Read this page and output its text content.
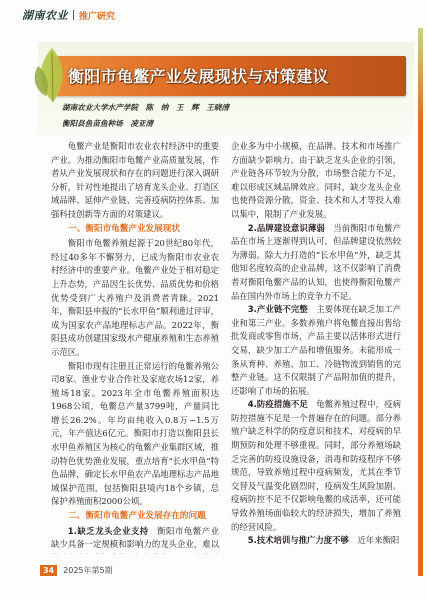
湖南农业 推广研究
衡阳市龟鳖产业发展现状与对策建议
湖南农业大学水产学院 陈　纳　王　辉　王晓清
衡阳县鱼苗鱼种场 凌亚清

龟鳖产业是衡阳市农业农村经济中的重要产业。为推动衡阳市龟鳖产业高质量发展，作者从产业发展现状和存在的问题进行深入调研分析，针对性地提出了培育龙头企业、打造区域品牌、延伸产业链、完善疫病防控体系、加强科技创新等方面的对策建议。

一、衡阳市龟鳖产业发展现状

衡阳市龟鳖养殖起源于20世纪80年代，经过40多年不懈努力，已成为衡阳市农业农村经济中的重要产业。龟鳖产业处于相对稳定上升态势，产品因生长优势、品质优势和价格优势受到广大养殖户及消费者青睐。2021年，衡阳县申报的“长水甲鱼”顺利通过评审，成为国家农产品地理标志产品。2022年，衡阳县成功创建国家级水产健康养殖和生态养殖示范区。

衡阳市现有注册且正常运行的龟鳖养殖公司8家、渔业专业合作社及家庭农场12家，养殖场18家。2023年全市龟鳖养殖面积达1968公顷，龟鳖总产量3799吨，产量同比增长26.2%。年均亩纯收入0.8万~1.5万元，年产值达6亿元。衡阳市打造以衡阳县长水甲鱼养殖区为核心的龟鳖产业集群区域，推动特色优势渔业发展，重点培育“长水甲鱼”特色品牌，确定长水甲鱼农产品地理标志产品地域保护范围，包括衡阳县境内18个乡镇，总保护养殖面积2000公顷。

二、衡阳市龟鳖产业发展存在的问题

1.缺乏龙头企业支持 衡阳市龟鳖产业缺少具备一定规模和影响力的龙头企业，难以

企业多为中小规模，在品牌、技术和市场推广方面缺少影响力。由于缺乏龙头企业的引领，产业链各环节较为分散，市场整合能力不足，难以形成区域品牌效应。同时，缺少龙头企业也使得资源分散，资金、技术和人才等投入难以集中，限制了产业发展。

2.品牌建设意识薄弱 当前衡阳市龟鳖产品在市场上逐渐得到认可，但品牌建设依然较为薄弱。除大力打造的“长水甲鱼”外，缺乏其他知名度较高的企业品牌，这不仅影响了消费者对衡阳龟鳖产品的认知，也使得衡阳龟鳖产品在国内外市场上的竞争力不足。

3.产业链不完整 主要体现在缺乏加工产业和第三产业。多数养殖户将龟鳖直接出售给批发商或零售市场，产品主要以活体形式进行交易，缺少加工产品和增值服务。未能形成一条从育种、养殖、加工、冷链物流到销售的完整产业链。这不仅限制了产品附加值的提升，还影响了市场的拓展。

4.防疫措施不足 龟鳖养殖过程中，疫病防控措施不足是一个普遍存在的问题。部分养殖户缺乏科学的防疫意识和技术，对疫病的早期预防和处理不够重视。同时，部分养殖场缺乏完善的防疫设施设备，消毒和防疫程序不够规范，导致养殖过程中疫病频发，尤其在季节交替及气温变化剧烈时，疫病发生风险加剧。疫病防控不足不仅影响龟鳖的成活率，还可能导致养殖场面临较大的经济损失，增加了养殖的经营风险。

5.技术培训与推广力度不够 近年来衡阳

34	2025年第5期
